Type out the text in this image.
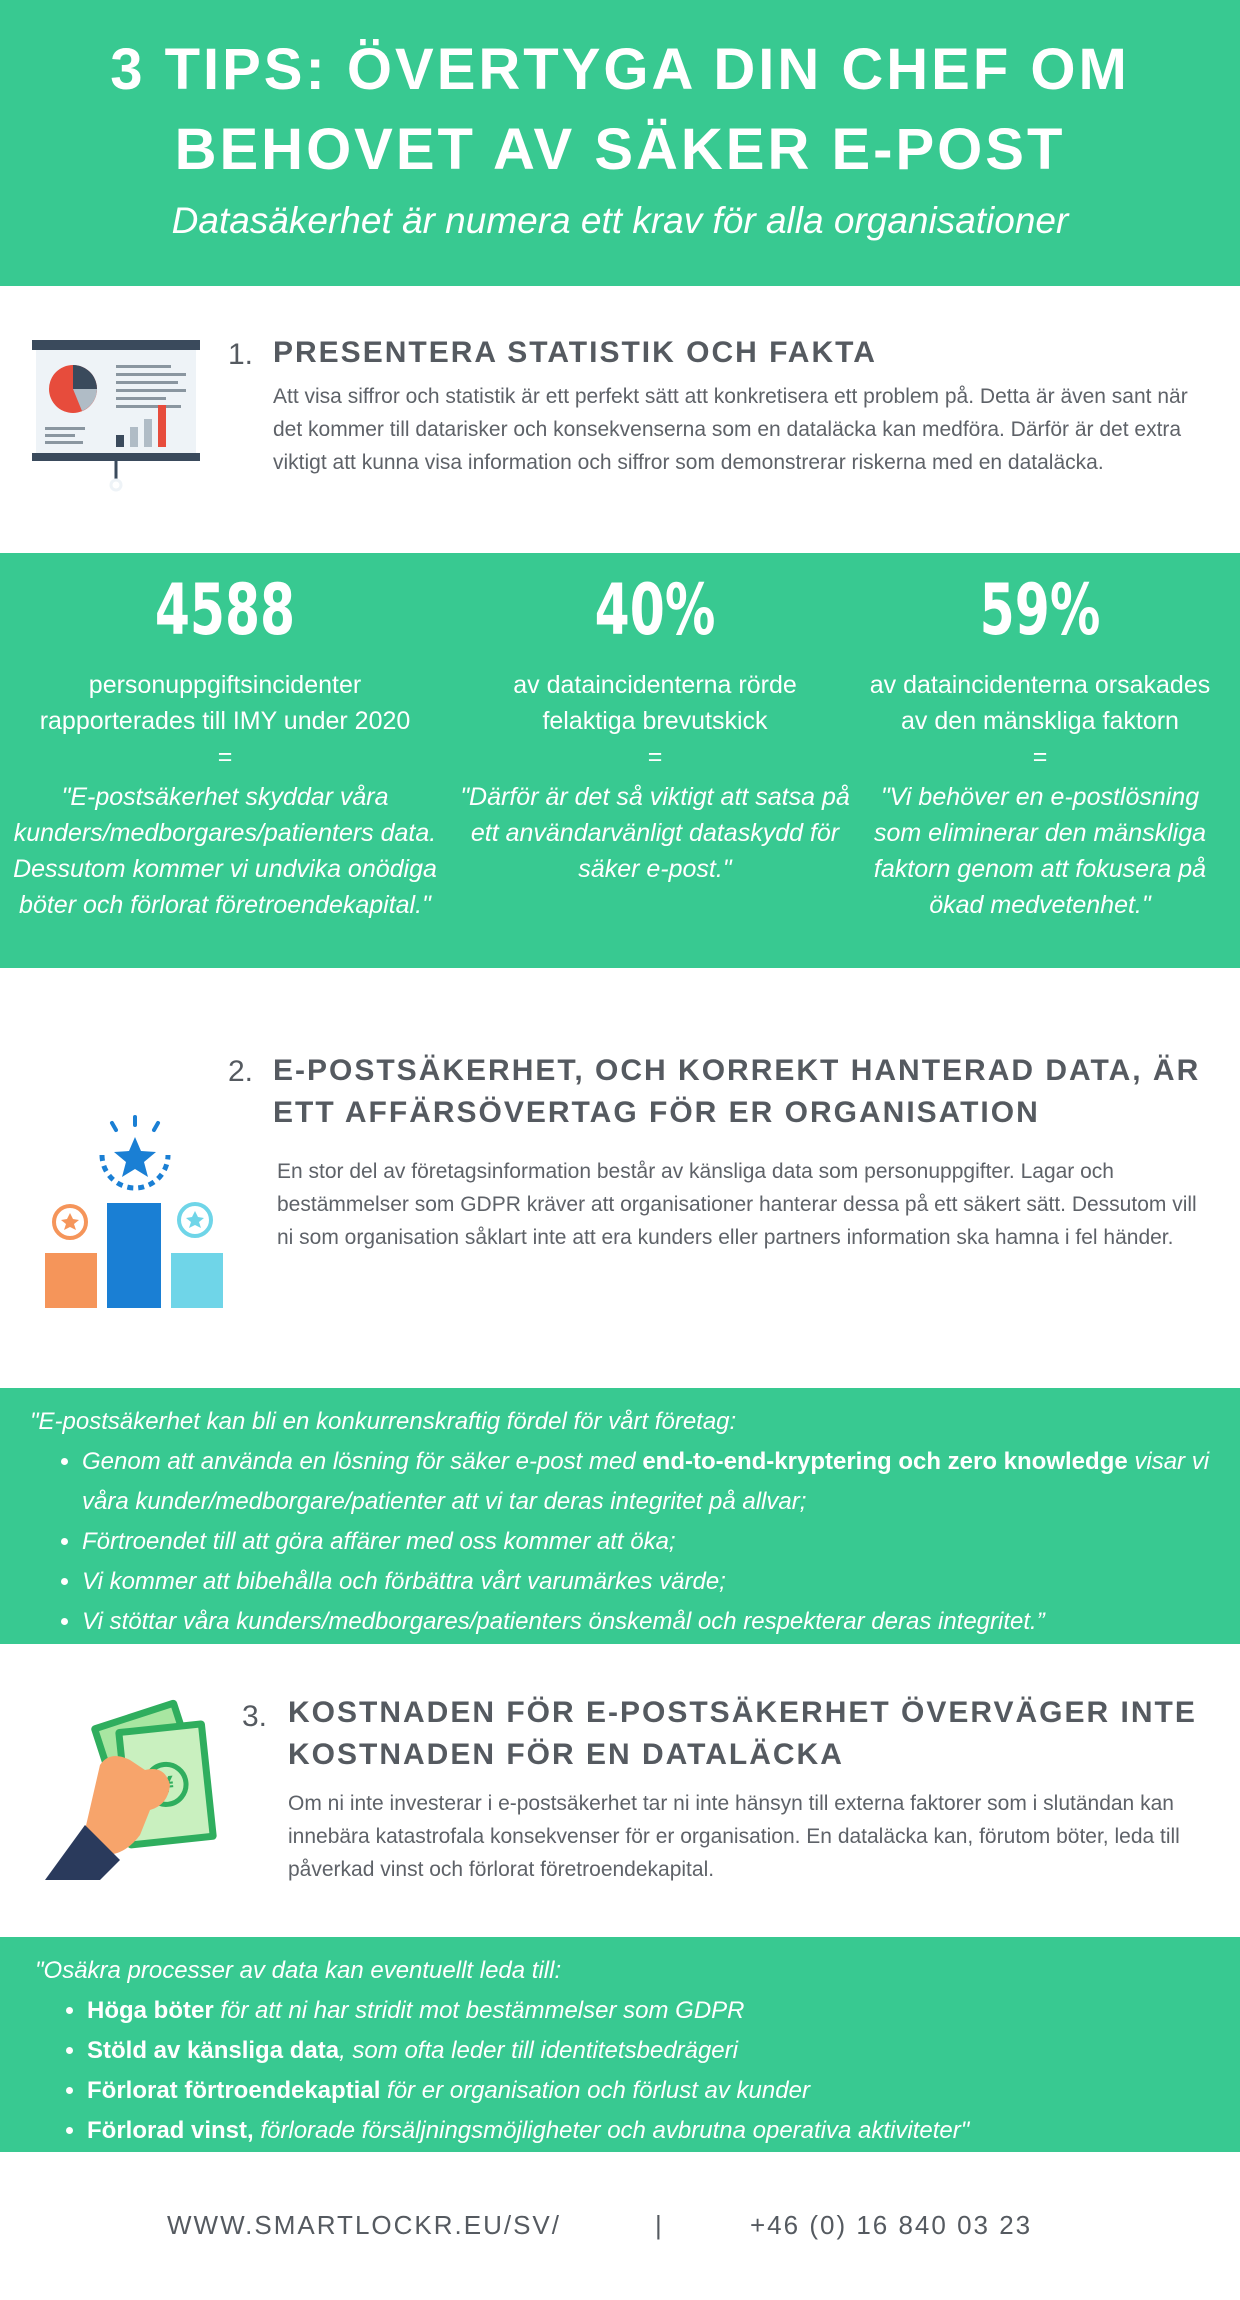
3 TIPS: ÖVERTYGA DIN CHEF OM
BEHOVET AV SÄKER E-POST
Datasäkerhet är numera ett krav för alla organisationer
1. PRESENTERA STATISTIK OCH FAKTA
Att visa siffror och statistik är ett perfekt sätt att konkretisera ett problem på. Detta är även sant när det kommer till datarisker och konsekvenserna som en dataläcka kan medföra. Därför är det extra viktigt att kunna visa information och siffror som demonstrerar riskerna med en dataläcka.
4588
personuppgiftsincidenter rapporterades till IMY under 2020
=
"E-postsäkerhet skyddar våra kunders/medborgares/patienters data. Dessutom kommer vi undvika onödiga böter och förlorat företroendekapital."
40%
av dataincidenterna rörde felaktiga brevutskick
=
"Därför är det så viktigt att satsa på ett användarvänligt dataskydd för säker e-post."
59%
av dataincidenterna orsakades av den mänskliga faktorn
=
"Vi behöver en e-postlösning som eliminerar den mänskliga faktorn genom att fokusera på ökad medvetenhet."
2. E-POSTSÄKERHET, OCH KORREKT HANTERAD DATA, ÄR
ETT AFFÄRSÖVERTAG FÖR ER ORGANISATION
En stor del av företagsinformation består av känsliga data som personuppgifter. Lagar och bestämmelser som GDPR kräver att organisationer hanterar dessa på ett säkert sätt. Dessutom vill ni som organisation såklart inte att era kunders eller partners information ska hamna i fel händer.
"E-postsäkerhet kan bli en konkurrenskraftig fördel för vårt företag:
• Genom att använda en lösning för säker e-post med end-to-end-kryptering och zero knowledge visar vi våra kunder/medborgare/patienter att vi tar deras integritet på allvar;
• Förtroendet till att göra affärer med oss kommer att öka;
• Vi kommer att bibehålla och förbättra vårt varumärkes värde;
• Vi stöttar våra kunders/medborgares/patienters önskemål och respekterar deras integritet.”
3. KOSTNADEN FÖR E-POSTSÄKERHET ÖVERVÄGER INTE
KOSTNADEN FÖR EN DATALÄCKA
Om ni inte investerar i e-postsäkerhet tar ni inte hänsyn till externa faktorer som i slutändan kan innebära katastrofala konsekvenser för er organisation. En dataläcka kan, förutom böter, leda till påverkad vinst och förlorat företroendekapital.
"Osäkra processer av data kan eventuellt leda till:
• Höga böter för att ni har stridit mot bestämmelser som GDPR
• Stöld av känsliga data, som ofta leder till identitetsbedrägeri
• Förlorat förtroendekaptial för er organisation och förlust av kunder
• Förlorad vinst, förlorade försäljningsmöjligheter och avbrutna operativa aktiviteter"
WWW.SMARTLOCKR.EU/SV/	|	+46 (0) 16 840 03 23
